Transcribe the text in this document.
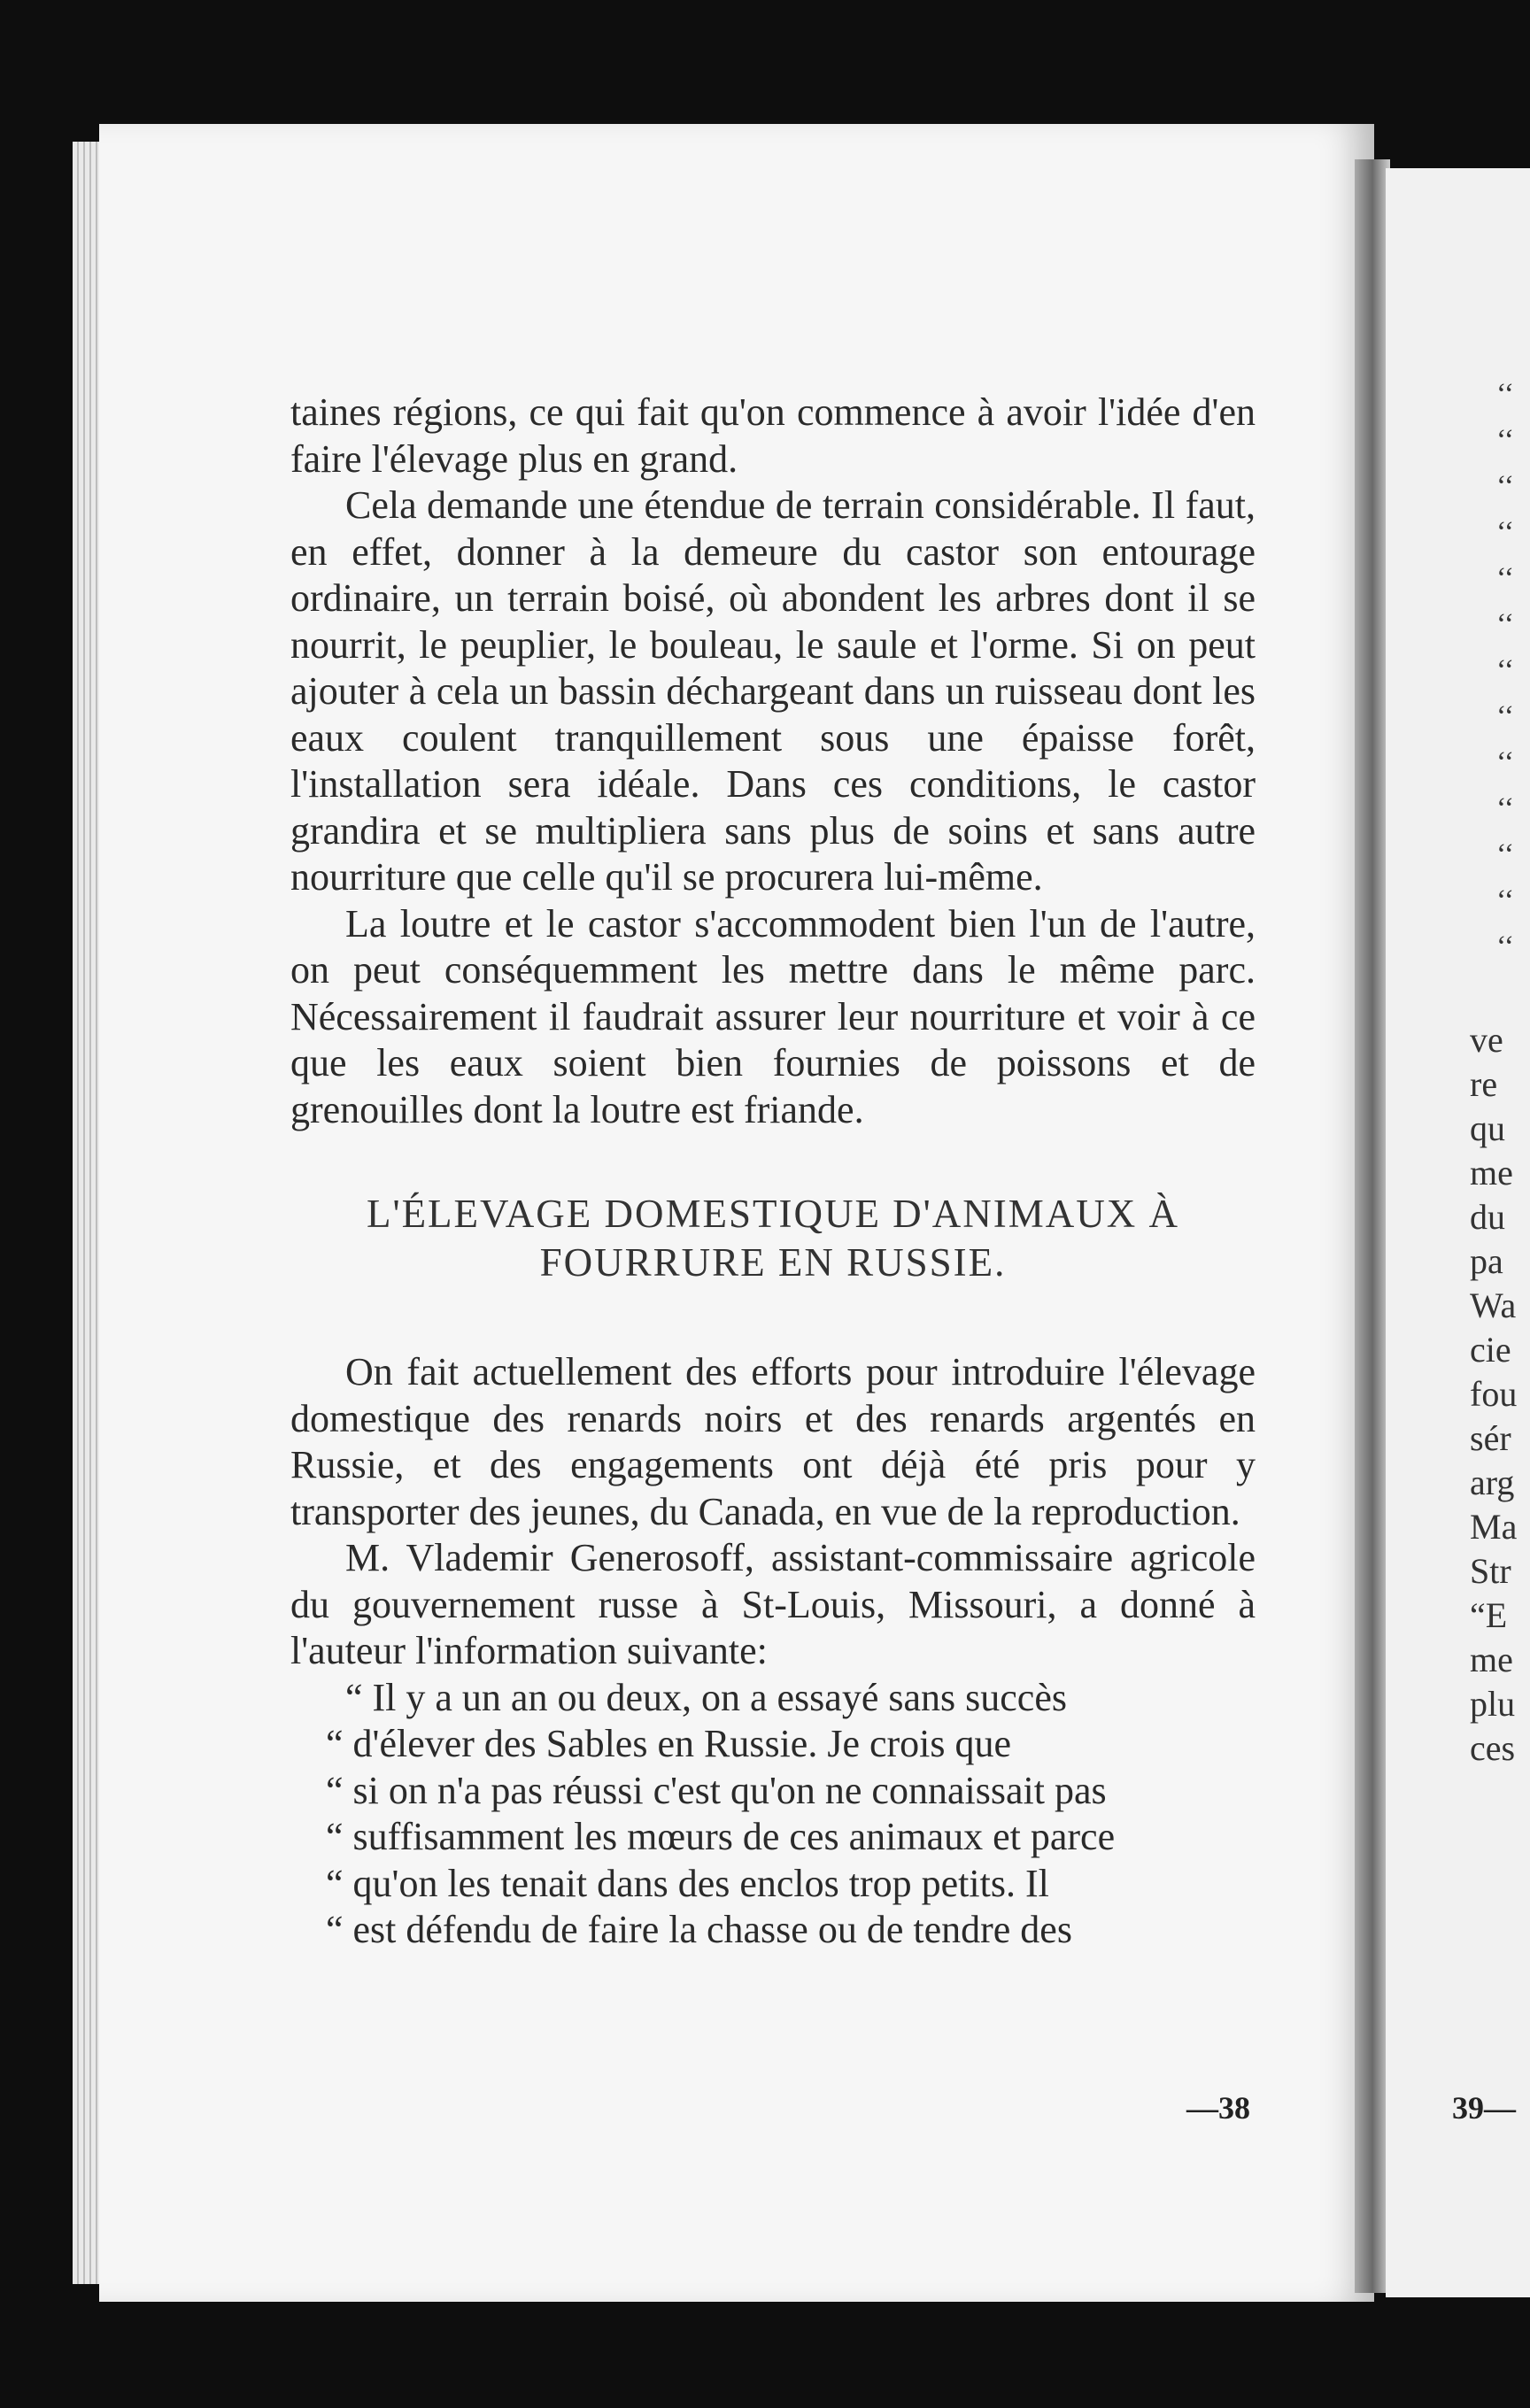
taines régions, ce qui fait qu'on commence à avoir l'idée d'en faire l'élevage plus en grand.

Cela demande une étendue de terrain considérable. Il faut, en effet, donner à la demeure du castor son entourage ordinaire, un terrain boisé, où abondent les arbres dont il se nourrit, le peuplier, le bouleau, le saule et l'orme. Si on peut ajouter à cela un bassin déchargeant dans un ruisseau dont les eaux coulent tranquillement sous une épaisse forêt, l'installation sera idéale. Dans ces conditions, le castor grandira et se multipliera sans plus de soins et sans autre nourriture que celle qu'il se procurera lui-même.

La loutre et le castor s'accommodent bien l'un de l'autre, on peut conséquemment les mettre dans le même parc. Nécessairement il faudrait assurer leur nourriture et voir à ce que les eaux soient bien fournies de poissons et de grenouilles dont la loutre est friande.

L'ÉLEVAGE DOMESTIQUE D'ANIMAUX À
FOURRURE EN RUSSIE.

On fait actuellement des efforts pour introduire l'élevage domestique des renards noirs et des renards argentés en Russie, et des engagements ont déjà été pris pour y transporter des jeunes, du Canada, en vue de la reproduction.

M. Vlademir Generosoff, assistant-commissaire agricole du gouvernement russe à St-Louis, Missouri, a donné à l'auteur l'information suivante:

“ Il y a un an ou deux, on a essayé sans succès
“ d'élever des Sables en Russie. Je crois que
“ si on n'a pas réussi c'est qu'on ne connaissait pas
“ suffisamment les mœurs de ces animaux et parce
“ qu'on les tenait dans des enclos trop petits. Il
“ est défendu de faire la chasse ou de tendre des
—38
‘‘
‘‘
‘‘
‘‘
‘‘
‘‘
‘‘
‘‘
‘‘
‘‘
‘‘
‘‘
‘‘
ve
re
qu
me
du
pa
Wa
cie
fou
sér
arg
Ma
Str
“E
me
plu
ces
39—
